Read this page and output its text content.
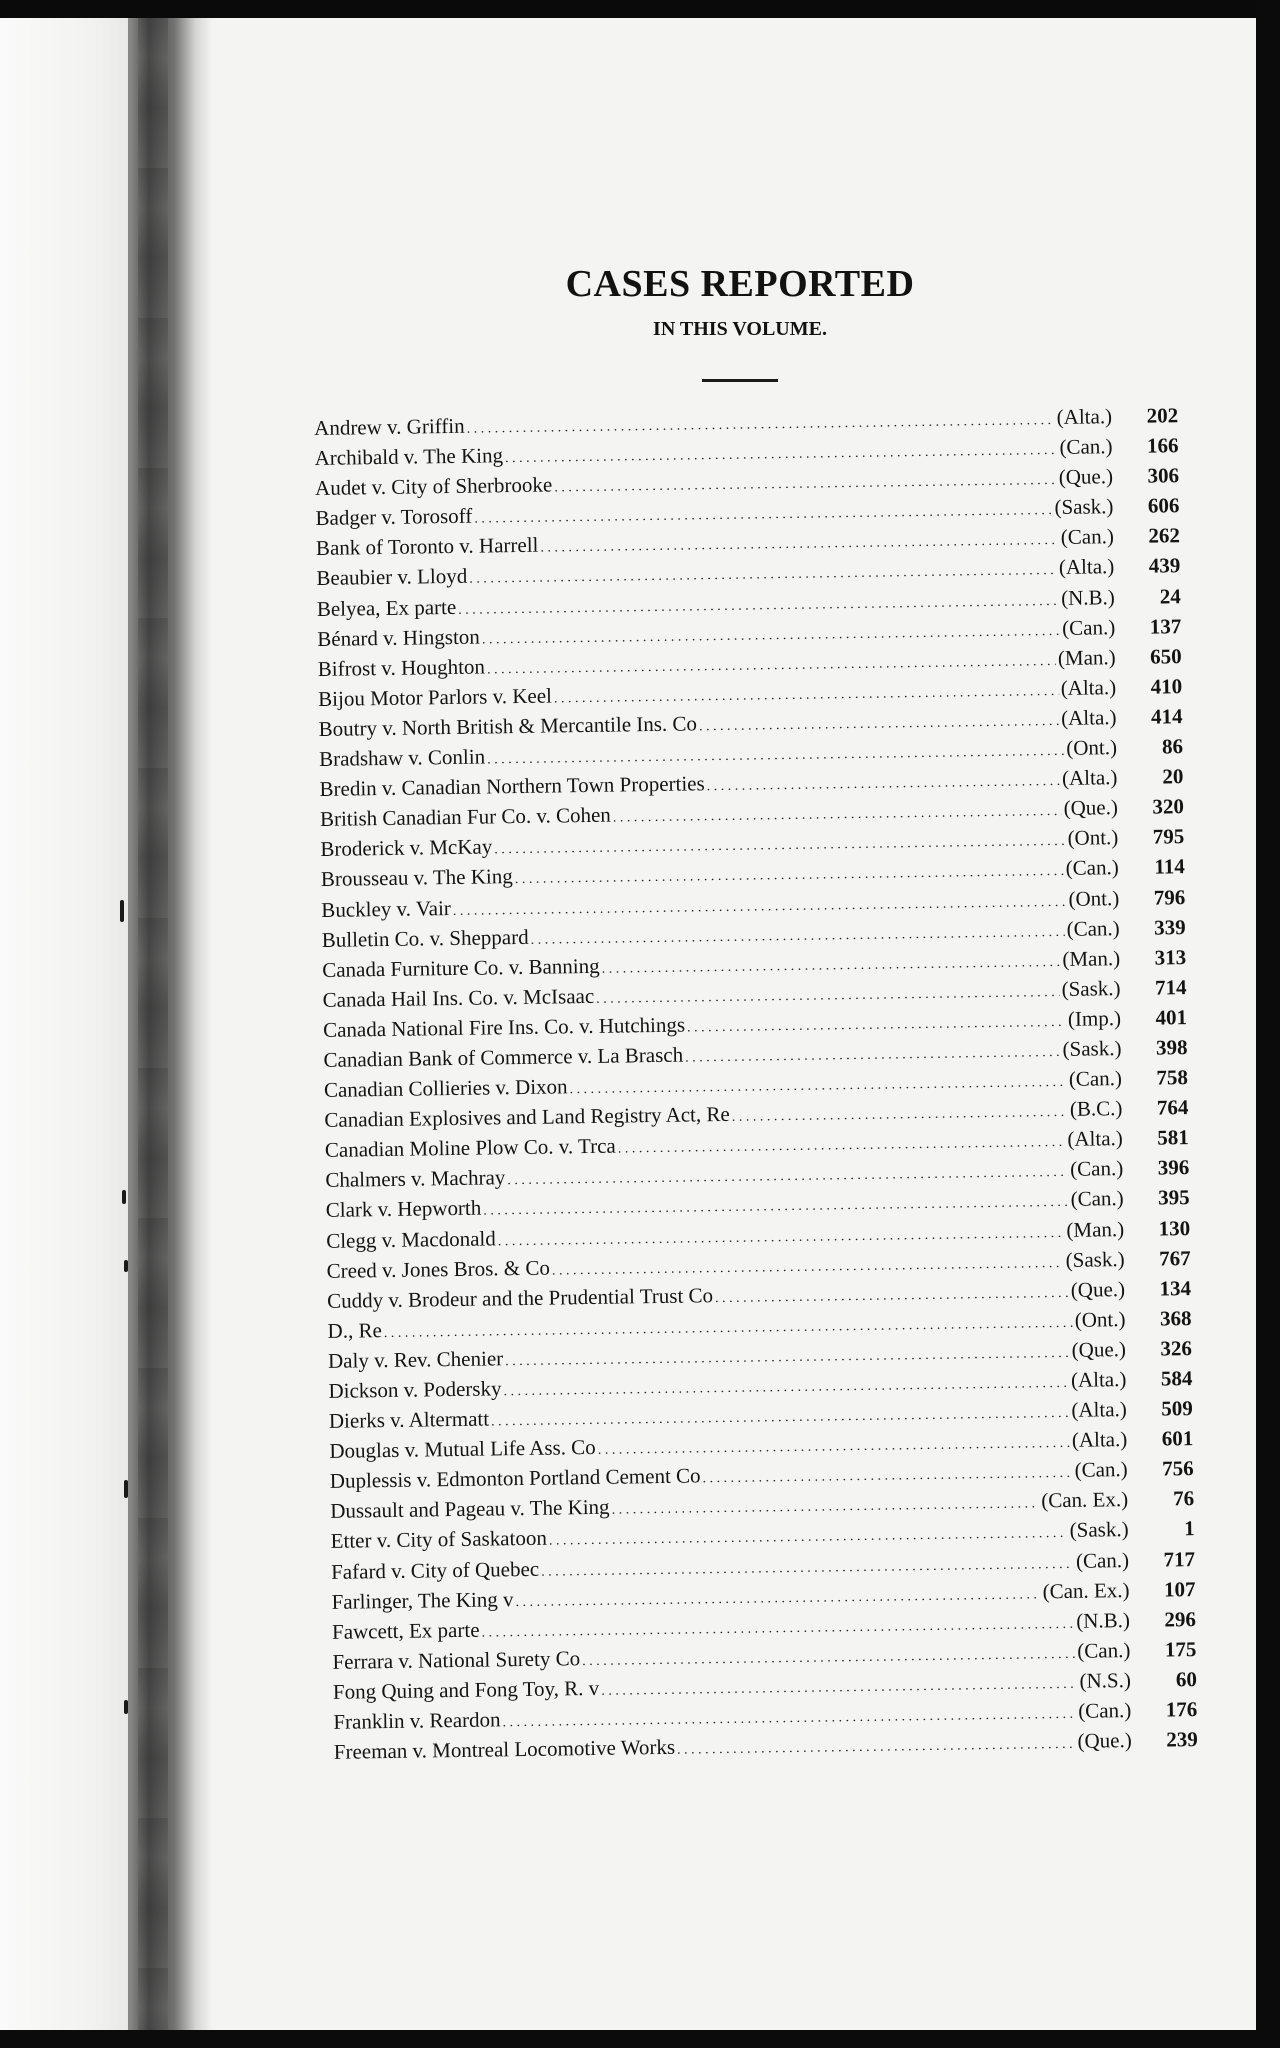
CASES REPORTED
IN THIS VOLUME.
Andrew v. Griffin . . .	(Alta.)	202
Archibald v. The King . . .	(Can.)	166
Audet v. City of Sherbrooke . . .	(Que.)	306
Badger v. Torosoff . . .	(Sask.)	606
Bank of Toronto v. Harrell . . .	(Can.)	262
Beaubier v. Lloyd . . .	(Alta.)	439
Belyea, Ex parte . . .	(N.B.)	24
Bénard v. Hingston . . .	(Can.)	137
Bifrost v. Houghton . . .	(Man.)	650
Bijou Motor Parlors v. Keel . . .	(Alta.)	410
Boutry v. North British & Mercantile Ins. Co . . .	(Alta.)	414
Bradshaw v. Conlin . . .	(Ont.)	86
Bredin v. Canadian Northern Town Properties . . .	(Alta.)	20
British Canadian Fur Co. v. Cohen . . .	(Que.)	320
Broderick v. McKay . . .	(Ont.)	795
Brousseau v. The King . . .	(Can.)	114
Buckley v. Vair . . .	(Ont.)	796
Bulletin Co. v. Sheppard . . .	(Can.)	339
Canada Furniture Co. v. Banning . . .	(Man.)	313
Canada Hail Ins. Co. v. McIsaac . . .	(Sask.)	714
Canada National Fire Ins. Co. v. Hutchings . . .	(Imp.)	401
Canadian Bank of Commerce v. La Brasch . . .	(Sask.)	398
Canadian Collieries v. Dixon . . .	(Can.)	758
Canadian Explosives and Land Registry Act, Re . . .	(B.C.)	764
Canadian Moline Plow Co. v. Trca . . .	(Alta.)	581
Chalmers v. Machray . . .	(Can.)	396
Clark v. Hepworth . . .	(Can.)	395
Clegg v. Macdonald . . .	(Man.)	130
Creed v. Jones Bros. & Co . . .	(Sask.)	767
Cuddy v. Brodeur and the Prudential Trust Co . . .	(Que.)	134
D., Re . . .	(Ont.)	368
Daly v. Rev. Chenier . . .	(Que.)	326
Dickson v. Podersky . . .	(Alta.)	584
Dierks v. Altermatt . . .	(Alta.)	509
Douglas v. Mutual Life Ass. Co . . .	(Alta.)	601
Duplessis v. Edmonton Portland Cement Co . . .	(Can.)	756
Dussault and Pageau v. The King . . .	(Can. Ex.)	76
Etter v. City of Saskatoon . . .	(Sask.)	1
Fafard v. City of Quebec . . .	(Can.)	717
Farlinger, The King v . . .	(Can. Ex.)	107
Fawcett, Ex parte . . .	(N.B.)	296
Ferrara v. National Surety Co . . .	(Can.)	175
Fong Quing and Fong Toy, R. v . . .	(N.S.)	60
Franklin v. Reardon . . .	(Can.)	176
Freeman v. Montreal Locomotive Works . . .	(Que.)	239
